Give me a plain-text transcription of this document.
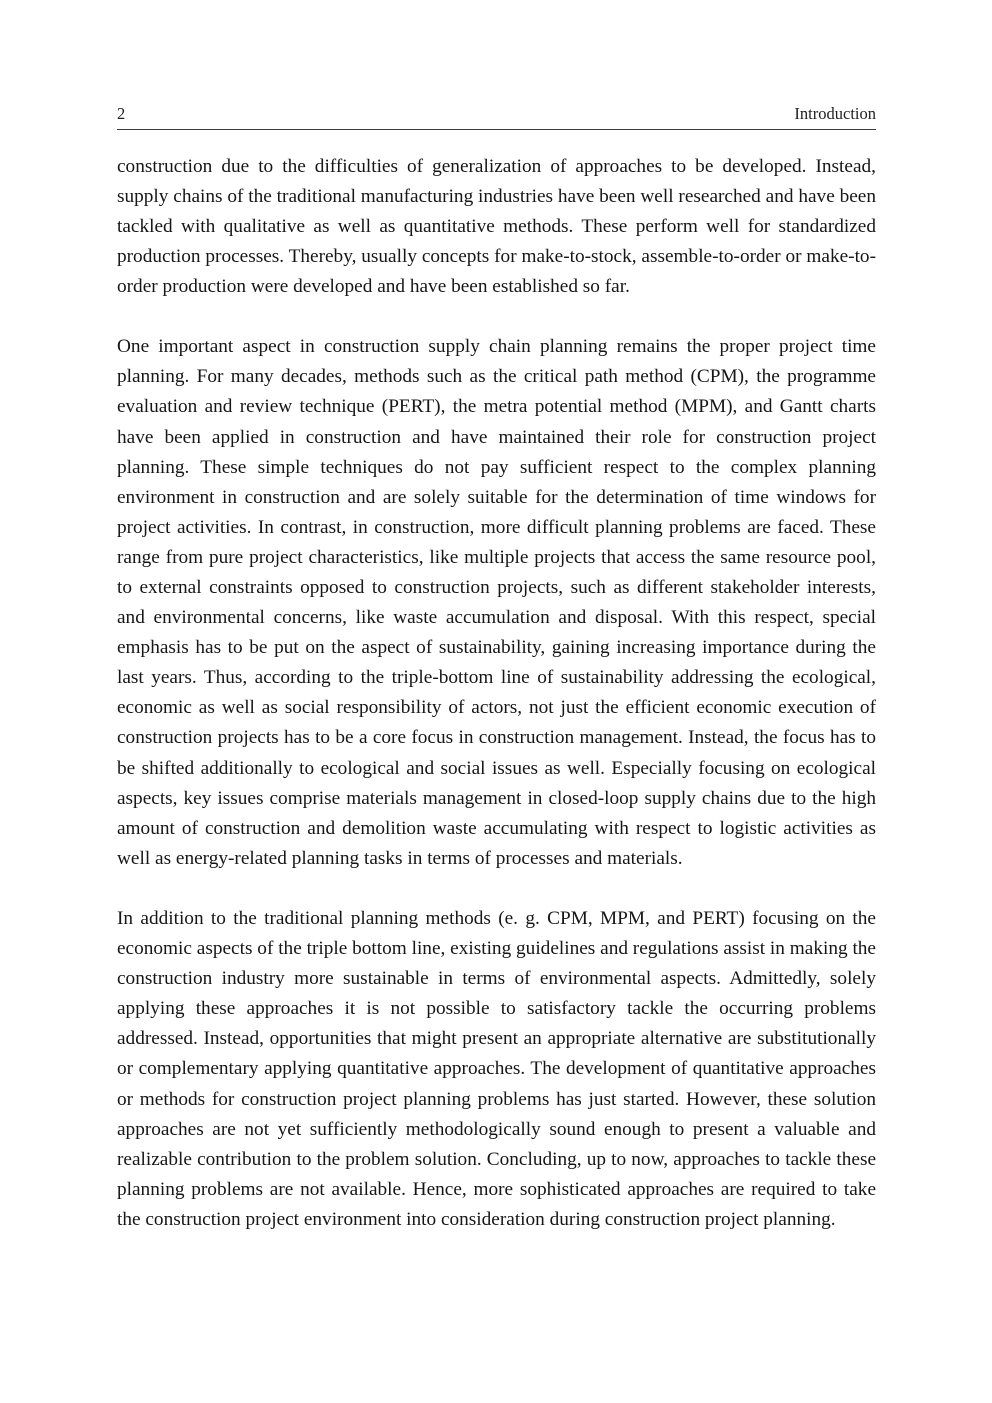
2	Introduction

construction due to the difficulties of generalization of approaches to be developed. Instead, supply chains of the traditional manufacturing industries have been well researched and have been tackled with qualitative as well as quantitative methods. These perform well for standardized production processes. Thereby, usually concepts for make-to-stock, assemble-to-order or make-to-order production were developed and have been established so far.

One important aspect in construction supply chain planning remains the proper project time planning. For many decades, methods such as the critical path method (CPM), the programme evaluation and review technique (PERT), the metra potential method (MPM), and Gantt charts have been applied in construction and have maintained their role for construction project planning. These simple techniques do not pay sufficient respect to the complex planning environment in construction and are solely suitable for the determination of time windows for project activities. In contrast, in construction, more difficult planning problems are faced. These range from pure project characteristics, like multiple projects that access the same resource pool, to external constraints opposed to construction projects, such as different stakeholder interests, and environmental concerns, like waste accumulation and disposal. With this respect, special emphasis has to be put on the aspect of sustainability, gaining increasing importance during the last years. Thus, according to the triple-bottom line of sustainability addressing the ecological, economic as well as social responsibility of actors, not just the efficient economic execution of construction projects has to be a core focus in construction management. Instead, the focus has to be shifted additionally to ecological and social issues as well. Especially focusing on ecological aspects, key issues comprise materials management in closed-loop supply chains due to the high amount of construction and demolition waste accumulating with respect to logistic activities as well as energy-related planning tasks in terms of processes and materials.

In addition to the traditional planning methods (e. g. CPM, MPM, and PERT) focusing on the economic aspects of the triple bottom line, existing guidelines and regulations assist in making the construction industry more sustainable in terms of environmental aspects. Admittedly, solely applying these approaches it is not possible to satisfactory tackle the occurring problems addressed. Instead, opportunities that might present an appropriate alternative are substitutionally or complementary applying quantitative approaches. The development of quantitative approaches or methods for construction project planning problems has just started. However, these solution approaches are not yet sufficiently methodologically sound enough to present a valuable and realizable contribution to the problem solution. Concluding, up to now, approaches to tackle these planning problems are not available. Hence, more sophisticated approaches are required to take the construction project environment into consideration during construction project planning.
